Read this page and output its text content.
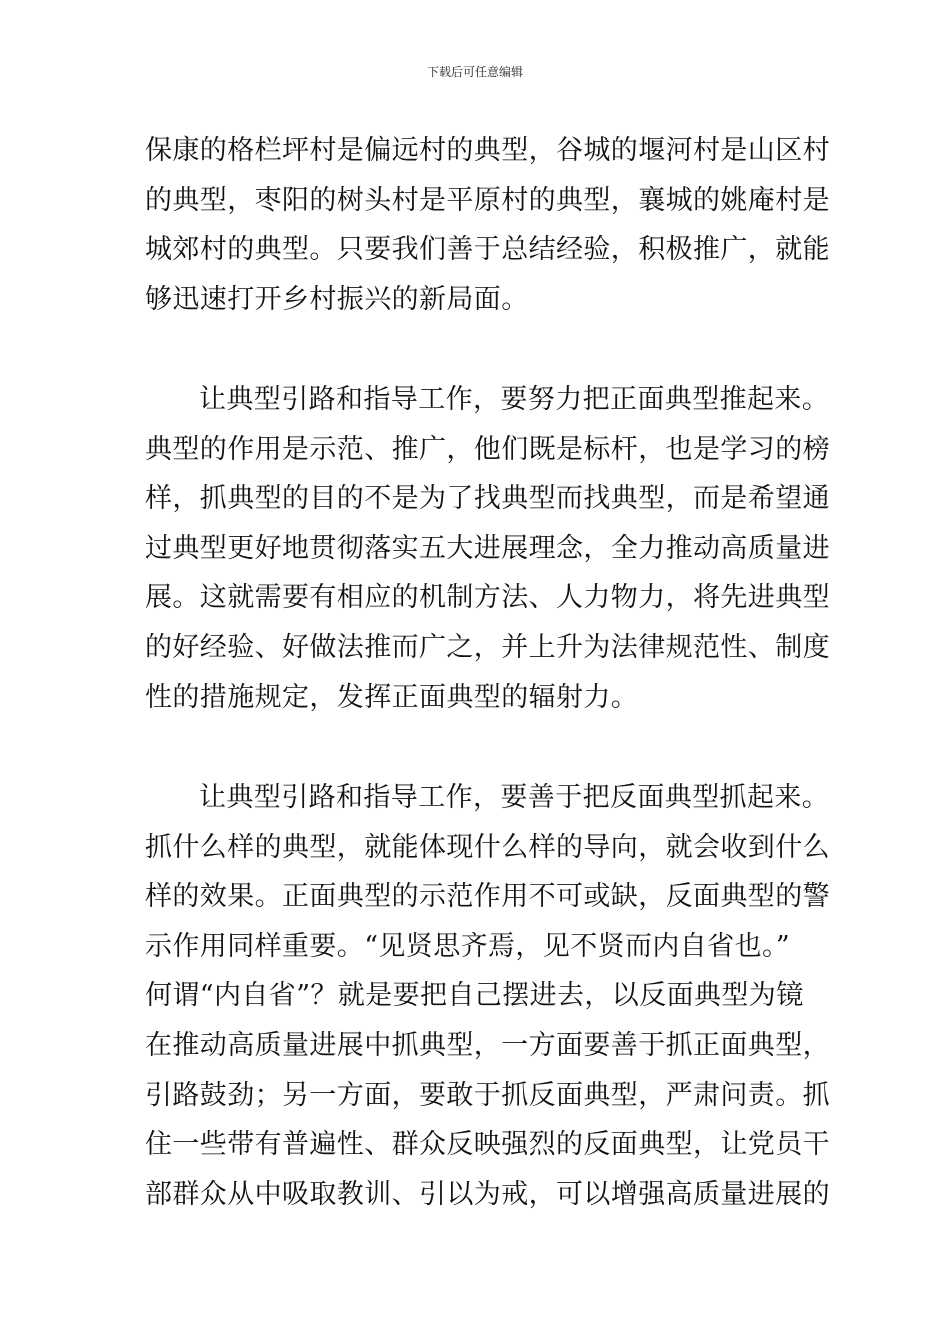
下载后可任意编辑
保康的格栏坪村是偏远村的典型，谷城的堰河村是山区村
的典型，枣阳的树头村是平原村的典型，襄城的姚庵村是
城郊村的典型。只要我们善于总结经验，积极推广，就能
够迅速打开乡村振兴的新局面。
让典型引路和指导工作，要努力把正面典型推起来。
典型的作用是示范、推广，他们既是标杆，也是学习的榜
样，抓典型的目的不是为了找典型而找典型，而是希望通
过典型更好地贯彻落实五大进展理念，全力推动高质量进
展。这就需要有相应的机制方法、人力物力，将先进典型
的好经验、好做法推而广之，并上升为法律规范性、制度
性的措施规定，发挥正面典型的辐射力。
让典型引路和指导工作，要善于把反面典型抓起来。
抓什么样的典型，就能体现什么样的导向，就会收到什么
样的效果。正面典型的示范作用不可或缺，反面典型的警
示作用同样重要。“见贤思齐焉，见不贤而内自省也。”
何谓“内自省”？就是要把自己摆进去，以反面典型为镜
在推动高质量进展中抓典型，一方面要善于抓正面典型，
引路鼓劲；另一方面，要敢于抓反面典型，严肃问责。抓
住一些带有普遍性、群众反映强烈的反面典型，让党员干
部群众从中吸取教训、引以为戒，可以增强高质量进展的
